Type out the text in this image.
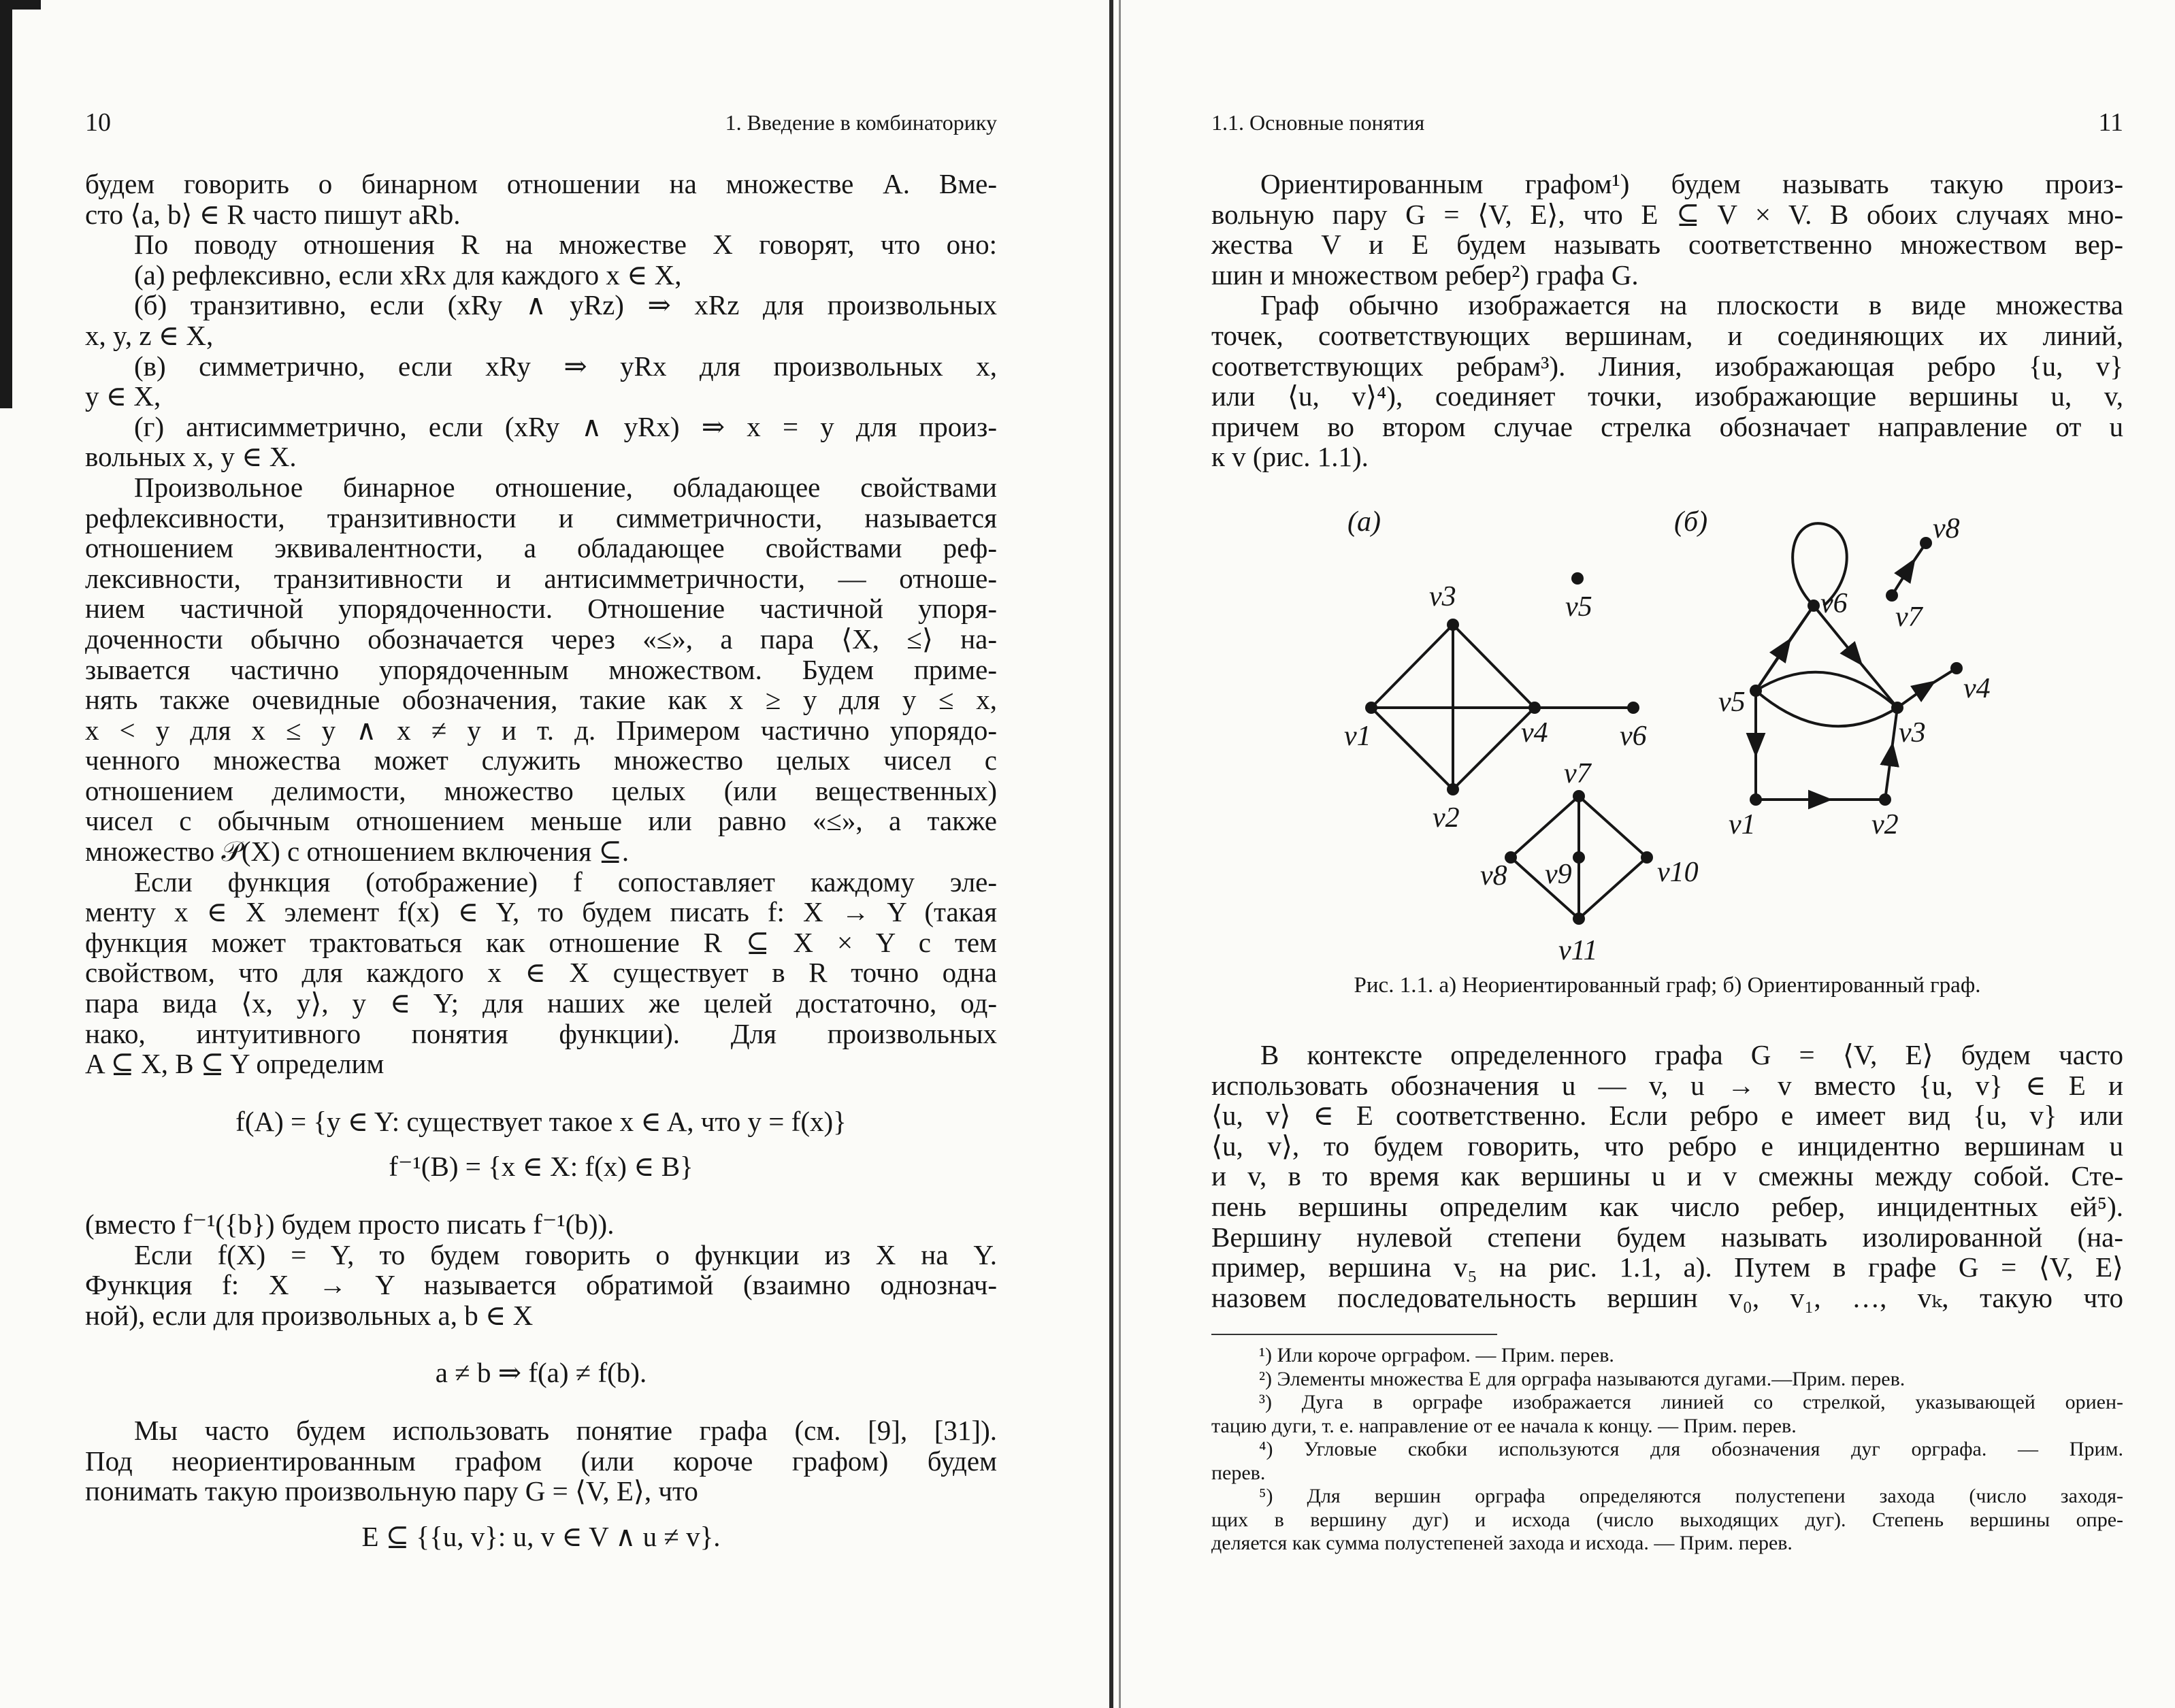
10	1. Введение в комбинаторику
будем говорить о бинарном отношении на множестве A. Вме-
сто ⟨a, b⟩ ∈ R часто пишут aRb.
По поводу отношения R на множестве X говорят, что оно:
(а) рефлексивно, если xRx для каждого x ∈ X,
(б) транзитивно, если (xRy ∧ yRz) ⇒ xRz для произвольных
x, y, z ∈ X,
(в) симметрично, если xRy ⇒ yRx для произвольных x,
y ∈ X,
(г) антисимметрично, если (xRy ∧ yRx) ⇒ x = y для произ-
вольных x, y ∈ X.
Произвольное бинарное отношение, обладающее свойствами
рефлексивности, транзитивности и симметричности, называется
отношением эквивалентности, а обладающее свойствами реф-
лексивности, транзитивности и антисимметричности, — отноше-
нием частичной упорядоченности. Отношение частичной упоря-
доченности обычно обозначается через «≤», а пара ⟨X, ≤⟩ на-
зывается частично упорядоченным множеством. Будем приме-
нять также очевидные обозначения, такие как x ≥ y для y ≤ x,
x < y для x ≤ y ∧ x ≠ y и т. д. Примером частично упорядо-
ченного множества может служить множество целых чисел с
отношением делимости, множество целых (или вещественных)
чисел с обычным отношением меньше или равно «≤», а также
множество 𝒫(X) с отношением включения ⊆.
Если функция (отображение) f сопоставляет каждому эле-
менту x ∈ X элемент f(x) ∈ Y, то будем писать f: X → Y (такая
функция может трактоваться как отношение R ⊆ X × Y с тем
свойством, что для каждого x ∈ X существует в R точно одна
пара вида ⟨x, y⟩, y ∈ Y; для наших же целей достаточно, од-
нако, интуитивного понятия функции). Для произвольных
A ⊆ X, B ⊆ Y определим
f(A) = {y ∈ Y: существует такое x ∈ A, что y = f(x)}
f⁻¹(B) = {x ∈ X: f(x) ∈ B}
(вместо f⁻¹({b}) будем просто писать f⁻¹(b)).
Если f(X) = Y, то будем говорить о функции из X на Y.
Функция f: X → Y называется обратимой (взаимно однознач-
ной), если для произвольных a, b ∈ X
a ≠ b ⇒ f(a) ≠ f(b).
Мы часто будем использовать понятие графа (см. [9], [31]).
Под неориентированным графом (или короче графом) будем
понимать такую произвольную пару G = ⟨V, E⟩, что
E ⊆ {{u, v}: u, v ∈ V ∧ u ≠ v}.
1.1. Основные понятия	11
Ориентированным графом¹) будем называть такую произ-
вольную пару G = ⟨V, E⟩, что E ⊆ V × V. В обоих случаях мно-
жества V и E будем называть соответственно множеством вер-
шин и множеством ребер²) графа G.
Граф обычно изображается на плоскости в виде множества
точек, соответствующих вершинам, и соединяющих их линий,
соответствующих ребрам³). Линия, изображающая ребро {u, v}
или ⟨u, v⟩⁴), соединяет точки, изображающие вершины u, v,
причем во втором случае стрелка обозначает направление от u
к v (рис. 1.1).
(а)	(б)
v1
v2
v3
v4
v5
v6
v7
v8 v9	v10
v11
v1	v2
v3
v4
v5
v6 v7
v8
Рис. 1.1. а) Неориентированный граф; б) Ориентированный граф.
В контексте определенного графа G = ⟨V, E⟩ будем часто
использовать обозначения u — v, u → v вместо {u, v} ∈ E и
⟨u, v⟩ ∈ E соответственно. Если ребро e имеет вид {u, v} или
⟨u, v⟩, то будем говорить, что ребро e инцидентно вершинам u
и v, в то время как вершины u и v смежны между собой. Сте-
пень вершины определим как число ребер, инцидентных ей⁵).
Вершину нулевой степени будем называть изолированной (на-
пример, вершина v₅ на рис. 1.1, а). Путем в графе G = ⟨V, E⟩
назовем последовательность вершин v₀, v₁, …, vₖ, такую что
¹) Или короче орграфом. — Прим. перев.
²) Элементы множества E для орграфа называются дугами.—Прим. перев.
³) Дуга в орграфе изображается линией со стрелкой, указывающей ориен-
тацию дуги, т. е. направление от ее начала к концу. — Прим. перев.
⁴) Угловые скобки используются для обозначения дуг орграфа. — Прим.
перев.
⁵) Для вершин орграфа определяются полустепени захода (число заходя-
щих в вершину дуг) и исхода (число выходящих дуг). Степень вершины опре-
деляется как сумма полустепеней захода и исхода. — Прим. перев.
